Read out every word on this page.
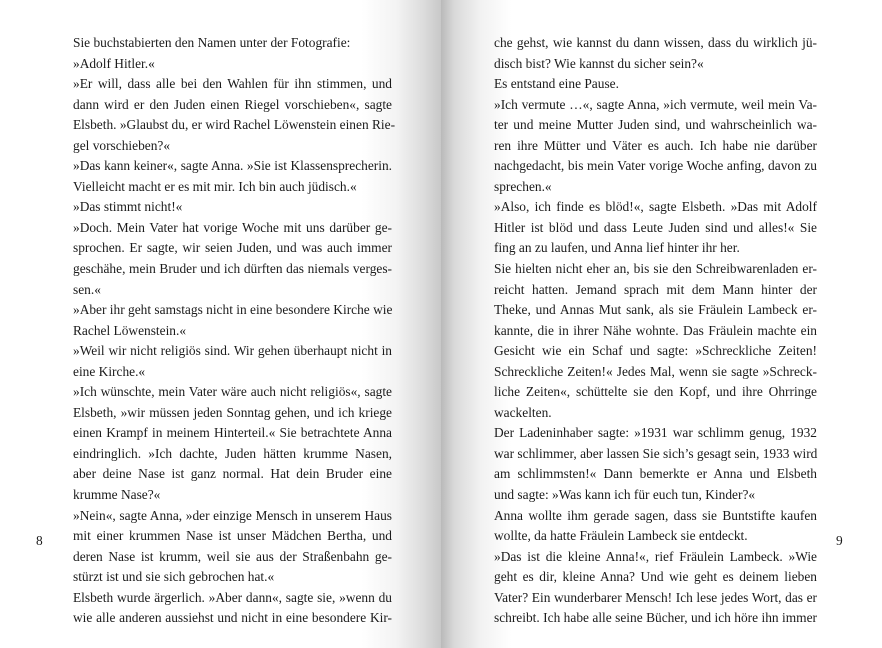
Sie buchstabierten den Namen unter der Fotografie:
»Adolf Hitler.«
»Er will, dass alle bei den Wahlen für ihn stimmen, und
dann wird er den Juden einen Riegel vorschieben«, sagte
Elsbeth. »Glaubst du, er wird Rachel Löwenstein einen Rie-
gel vorschieben?«
»Das kann keiner«, sagte Anna. »Sie ist Klassensprecherin.
Vielleicht macht er es mit mir. Ich bin auch jüdisch.«
»Das stimmt nicht!«
»Doch. Mein Vater hat vorige Woche mit uns darüber ge-
sprochen. Er sagte, wir seien Juden, und was auch immer
geschähe, mein Bruder und ich dürften das niemals verges-
sen.«
»Aber ihr geht samstags nicht in eine besondere Kirche wie
Rachel Löwenstein.«
»Weil wir nicht religiös sind. Wir gehen überhaupt nicht in
eine Kirche.«
»Ich wünschte, mein Vater wäre auch nicht religiös«, sagte
Elsbeth, »wir müssen jeden Sonntag gehen, und ich kriege
einen Krampf in meinem Hinterteil.« Sie betrachtete Anna
eindringlich. »Ich dachte, Juden hätten krumme Nasen,
aber deine Nase ist ganz normal. Hat dein Bruder eine
krumme Nase?«
»Nein«, sagte Anna, »der einzige Mensch in unserem Haus
mit einer krummen Nase ist unser Mädchen Bertha, und
deren Nase ist krumm, weil sie aus der Straßenbahn ge-
stürzt ist und sie sich gebrochen hat.«
Elsbeth wurde ärgerlich. »Aber dann«, sagte sie, »wenn du
wie alle anderen aussiehst und nicht in eine besondere Kir-
8
che gehst, wie kannst du dann wissen, dass du wirklich jü-
disch bist? Wie kannst du sicher sein?«
Es entstand eine Pause.
»Ich vermute …«, sagte Anna, »ich vermute, weil mein Va-
ter und meine Mutter Juden sind, und wahrscheinlich wa-
ren ihre Mütter und Väter es auch. Ich habe nie darüber
nachgedacht, bis mein Vater vorige Woche anfing, davon zu
sprechen.«
»Also, ich finde es blöd!«, sagte Elsbeth. »Das mit Adolf
Hitler ist blöd und dass Leute Juden sind und alles!« Sie
fing an zu laufen, und Anna lief hinter ihr her.
Sie hielten nicht eher an, bis sie den Schreibwarenladen er-
reicht hatten. Jemand sprach mit dem Mann hinter der
Theke, und Annas Mut sank, als sie Fräulein Lambeck er-
kannte, die in ihrer Nähe wohnte. Das Fräulein machte ein
Gesicht wie ein Schaf und sagte: »Schreckliche Zeiten!
Schreckliche Zeiten!« Jedes Mal, wenn sie sagte »Schreck-
liche Zeiten«, schüttelte sie den Kopf, und ihre Ohrringe
wackelten.
Der Ladeninhaber sagte: »1931 war schlimm genug, 1932
war schlimmer, aber lassen Sie sich’s gesagt sein, 1933 wird
am schlimmsten!« Dann bemerkte er Anna und Elsbeth
und sagte: »Was kann ich für euch tun, Kinder?«
Anna wollte ihm gerade sagen, dass sie Buntstifte kaufen
wollte, da hatte Fräulein Lambeck sie entdeckt.
»Das ist die kleine Anna!«, rief Fräulein Lambeck. »Wie
geht es dir, kleine Anna? Und wie geht es deinem lieben
Vater? Ein wunderbarer Mensch! Ich lese jedes Wort, das er
schreibt. Ich habe alle seine Bücher, und ich höre ihn immer
9
